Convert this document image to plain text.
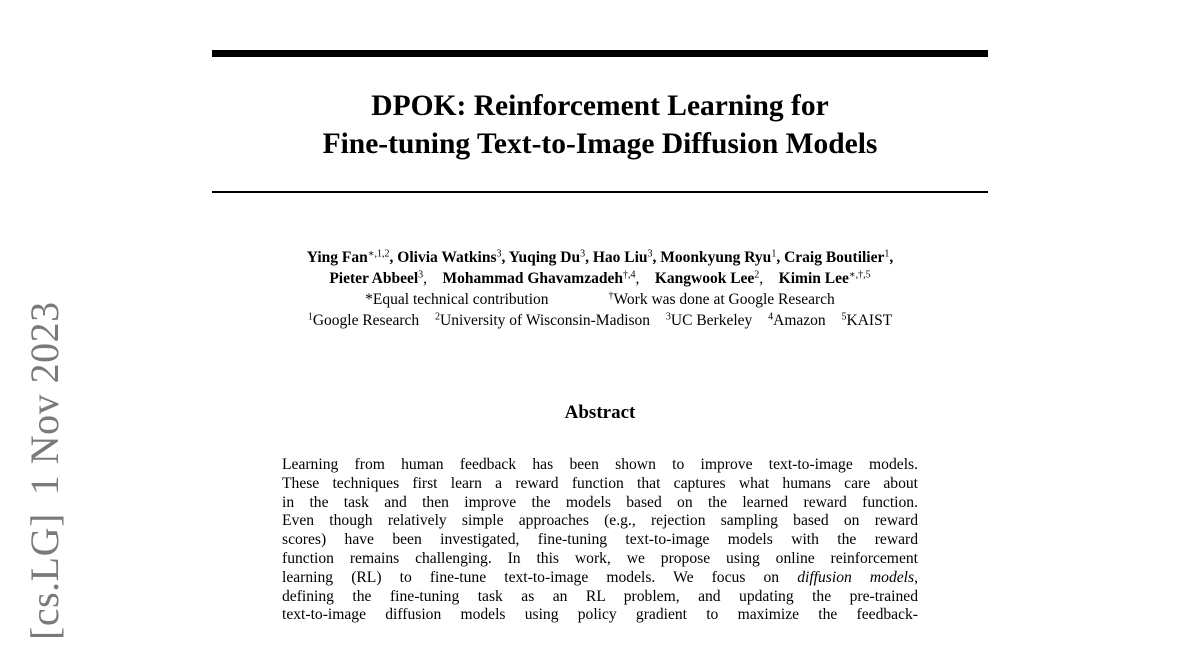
DPOK: Reinforcement Learning for
Fine-tuning Text-to-Image Diffusion Models
Ying Fan$^{∗,1,2}$, Olivia Watkins$^3$, Yuqing Du$^3$, Hao Liu$^3$, Moonkyung Ryu$^1$, Craig Boutilier$^1$,
Pieter Abbeel$^3$,    Mohammad Ghavamzadeh$^{\dagger,4}$,    Kangwook Lee$^2$,    Kimin Lee$^{∗,\dagger,5}$
*Equal technical contribution	†Work was done at Google Research
$^1$Google Research $^2$University of Wisconsin-Madison $^3$UC Berkeley $^4$Amazon $^5$KAIST
Abstract
Learning from human feedback has been shown to improve text-to-image models.
These techniques first learn a reward function that captures what humans care about
in the task and then improve the models based on the learned reward function.
Even though relatively simple approaches (e.g., rejection sampling based on reward
scores) have been investigated, fine-tuning text-to-image models with the reward
function remains challenging. In this work, we propose using online reinforcement
learning (RL) to fine-tune text-to-image models. We focus on diffusion models,
defining the fine-tuning task as an RL problem, and updating the pre-trained
text-to-image diffusion models using policy gradient to maximize the feedback-
[cs.LG]1 Nov 2023
